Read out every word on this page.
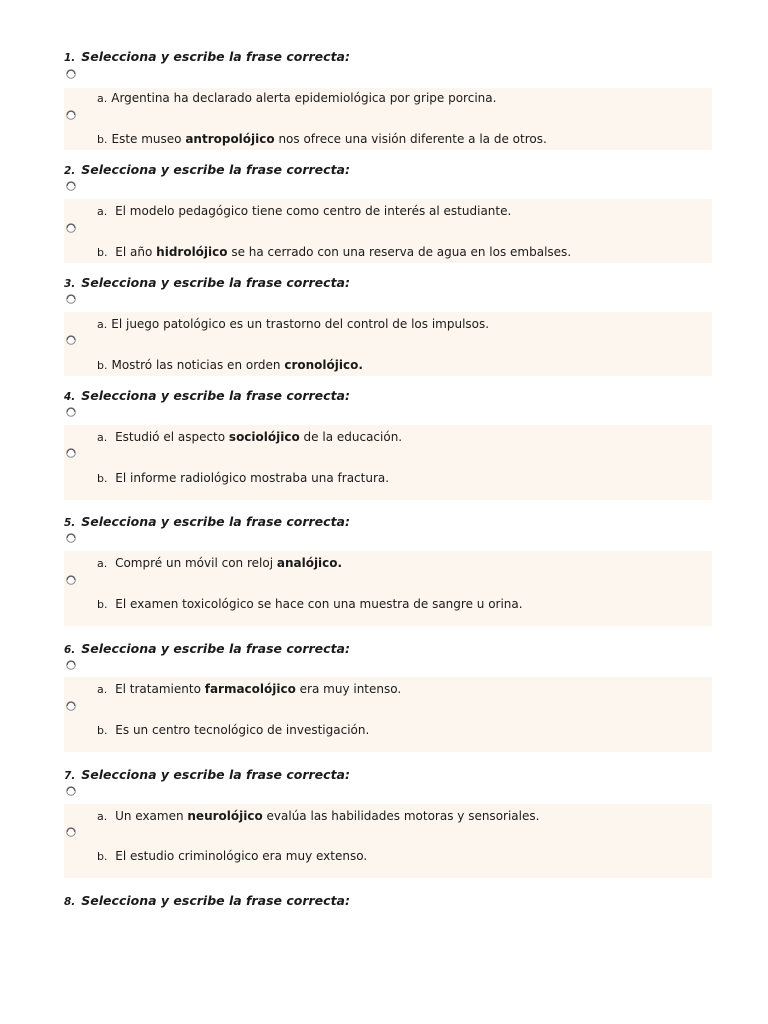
1. Selecciona y escribe la frase correcta:
a. Argentina ha declarado alerta epidemiológica por gripe porcina.
b. Este museo antropolójico nos ofrece una visión diferente a la de otros.
2. Selecciona y escribe la frase correcta:
a. El modelo pedagógico tiene como centro de interés al estudiante.
b. El año hidrolójico se ha cerrado con una reserva de agua en los embalses.
3. Selecciona y escribe la frase correcta:
a. El juego patológico es un trastorno del control de los impulsos.
b. Mostró las noticias en orden cronolójico.
4. Selecciona y escribe la frase correcta:
a. Estudió el aspecto sociolójico de la educación.
b. El informe radiológico mostraba una fractura.
5. Selecciona y escribe la frase correcta:
a. Compré un móvil con reloj analójico.
b. El examen toxicológico se hace con una muestra de sangre u orina.
6. Selecciona y escribe la frase correcta:
a. El tratamiento farmacolójico era muy intenso.
b. Es un centro tecnológico de investigación.
7. Selecciona y escribe la frase correcta:
a. Un examen neurolójico evalúa las habilidades motoras y sensoriales.
b. El estudio criminológico era muy extenso.
8. Selecciona y escribe la frase correcta:
